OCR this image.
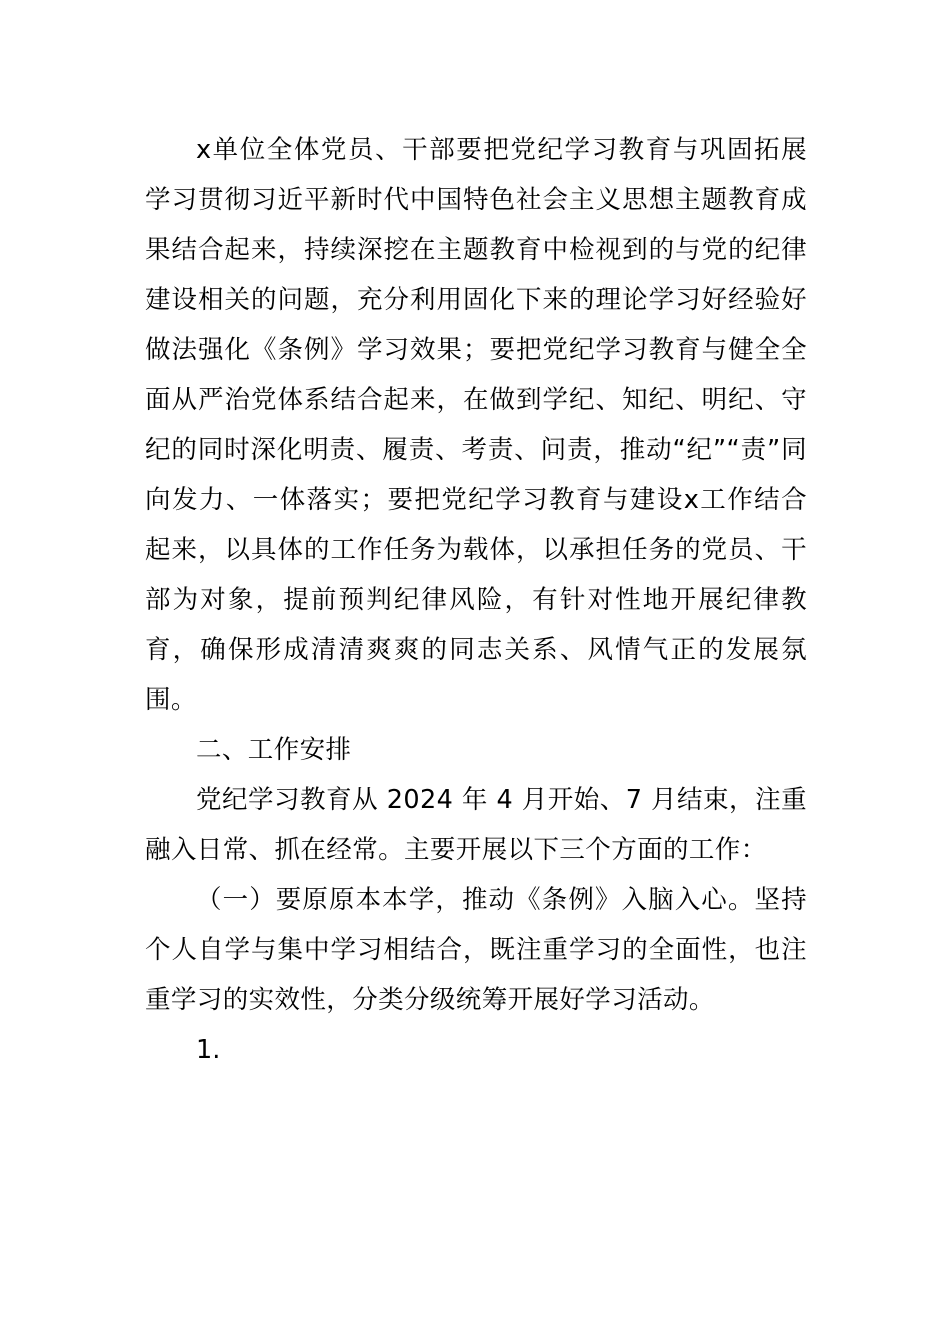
x单位全体党员、干部要把党纪学习教育与巩固拓展学习贯彻习近平新时代中国特色社会主义思想主题教育成果结合起来，持续深挖在主题教育中检视到的与党的纪律建设相关的问题，充分利用固化下来的理论学习好经验好做法强化《条例》学习效果；要把党纪学习教育与健全全面从严治党体系结合起来，在做到学纪、知纪、明纪、守纪的同时深化明责、履责、考责、问责，推动“纪”“责”同向发力、一体落实；要把党纪学习教育与建设x工作结合起来，以具体的工作任务为载体，以承担任务的党员、干部为对象，提前预判纪律风险，有针对性地开展纪律教育，确保形成清清爽爽的同志关系、风情气正的发展氛围。

二、工作安排

党纪学习教育从 2024 年 4 月开始、7 月结束，注重融入日常、抓在经常。主要开展以下三个方面的工作：

（一）要原原本本学，推动《条例》入脑入心。坚持个人自学与集中学习相结合，既注重学习的全面性，也注重学习的实效性，分类分级统筹开展好学习活动。

1.
